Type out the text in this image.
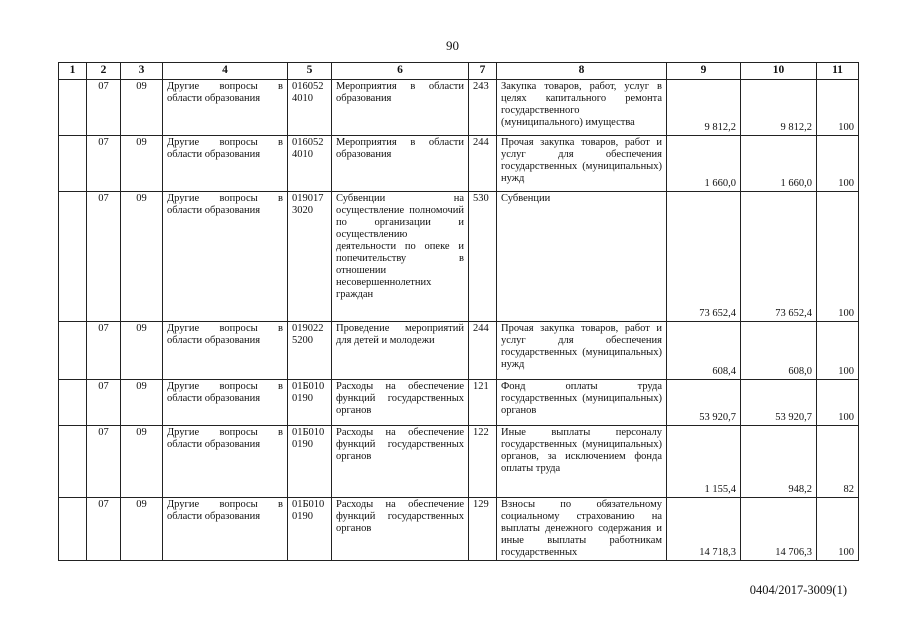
90
1	2	3	4	5	6	7	8	9	10	11
	07	09	Другие вопросы в области образования	016052 4010	Мероприятия в области образования	243	Закупка товаров, работ, услуг в целях капитального ремонта государственного (муниципального) имущества	9 812,2	9 812,2	100
	07	09	Другие вопросы в области образования	016052 4010	Мероприятия в области образования	244	Прочая закупка товаров, работ и услуг для обеспечения государственных (муниципальных) нужд	1 660,0	1 660,0	100
	07	09	Другие вопросы в области образования	019017 3020	Субвенции на осуществление полномочий по организации и осуществлению деятельности по опеке и попечительству в отношении несовершеннолетних граждан	530	Субвенции	73 652,4	73 652,4	100
	07	09	Другие вопросы в области образования	019022 5200	Проведение мероприятий для детей и молодежи	244	Прочая закупка товаров, работ и услуг для обеспечения государственных (муниципальных) нужд	608,4	608,0	100
	07	09	Другие вопросы в области образования	01Б010 0190	Расходы на обеспечение функций государственных органов	121	Фонд оплаты труда государственных (муниципальных) органов	53 920,7	53 920,7	100
	07	09	Другие вопросы в области образования	01Б010 0190	Расходы на обеспечение функций государственных органов	122	Иные выплаты персоналу государственных (муниципальных) органов, за исключением фонда оплаты труда	1 155,4	948,2	82
	07	09	Другие вопросы в области образования	01Б010 0190	Расходы на обеспечение функций государственных органов	129	Взносы по обязательному социальному страхованию на выплаты денежного содержания и иные выплаты работникам государственных	14 718,3	14 706,3	100
0404/2017-3009(1)
